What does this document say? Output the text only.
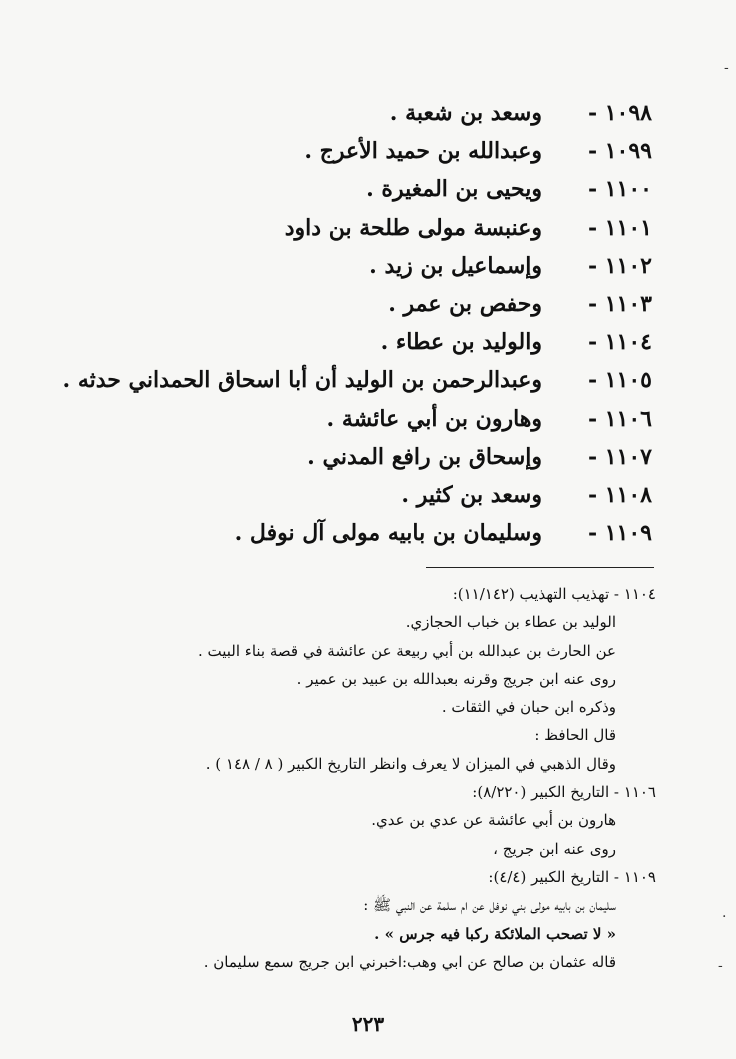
١٠٩٨ -
وسعد بن شعبة .
١٠٩٩ -
وعبدالله بن حميد الأعرج .
١١٠٠ -
ويحيى بن المغيرة .
١١٠١ -
وعنبسة مولى طلحة بن داود
١١٠٢ -
وإسماعيل بن زيد .
١١٠٣ -
وحفص بن عمر .
١١٠٤ -
والوليد بن عطاء .
١١٠٥ -
وعبدالرحمن بن الوليد أن أبا اسحاق الحمداني حدثه .
١١٠٦ -
وهارون بن أبي عائشة .
١١٠٧ -
وإسحاق بن رافع المدني .
١١٠٨ -
وسعد بن كثير .
١١٠٩ -
وسليمان بن بابيه مولى آل نوفل .
١١٠٤ - تهذيب التهذيب (١١/١٤٢):
الوليد بن عطاء بن خباب الحجازي.
عن الحارث بن عبدالله بن أبي ربيعة عن عائشة في قصة بناء البيت .
روى عنه ابن جريج وقرنه بعبدالله بن عبيد بن عمير .
وذكره ابن حبان في الثقات .
قال الحافظ :
وقال الذهبي في الميزان لا يعرف وانظر التاريخ الكبير ( ٨ / ١٤٨ ) .
١١٠٦ - التاريخ الكبير (٨/٢٢٠):
هارون بن أبي عائشة عن عدي بن عدي.
روى عنه ابن جريج ،
١١٠٩ - التاريخ الكبير (٤/٤):
سليمان بن بابيه مولى بني نوفل عن ام سلمة عن النبي ﷺ :
« لا تصحب الملائكة ركبا فيه جرس » .
قاله عثمان بن صالح عن ابي وهب:اخبرني ابن جريج سمع سليمان .
٢٢٣
-
.
-
